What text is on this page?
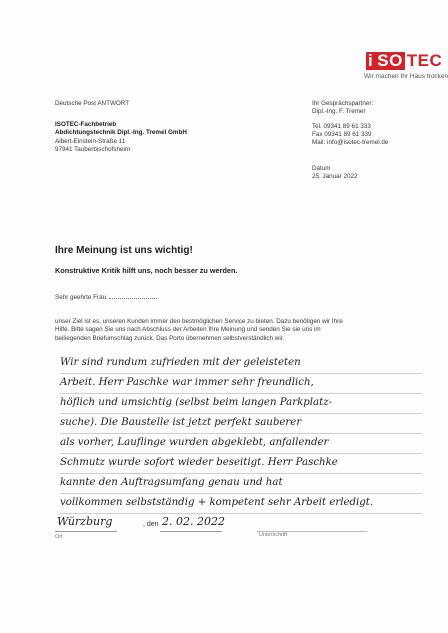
i SO TEC
Wir machen Ihr Haus trocken
Deutsche Post ANTWORT
ISOTEC-Fachbetrieb
Abdichtungstechnik Dipl.-Ing. Tremel GmbH
Albert-Einstein-Straße 11
97941 Tauberbischofsheim
Ihr Gesprächspartner:
Dipl.-Ing. F. Tremel
Tel. 09341 89 61 333
Fax 09341 89 61 339
Mail: info@isotec-tremel.de
Datum
25. Januar 2022
Ihre Meinung ist uns wichtig!
Konstruktive Kritik hilft uns, noch besser zu werden.
Sehr geehrte Frau
unser Ziel ist es, unseren Kunden immer den bestmöglichen Service zu bieten. Dazu benötigen wir Ihre
Hilfe. Bitte sagen Sie uns nach Abschluss der Arbeiten Ihre Meinung und senden Sie sie uns im
beiliegenden Briefumschlag zurück. Das Porto übernehmen selbstverständlich wir.
Wir sind rundum zufrieden mit der geleisteten
Arbeit. Herr Paschke war immer sehr freundlich,
höflich und umsichtig (selbst beim langen Parkplatz-
suche). Die Baustelle ist jetzt perfekt sauberer
als vorher, Lauflinge wurden abgeklebt, anfallender
Schmutz wurde sofort wieder beseitigt. Herr Paschke
kannte den Auftragsumfang genau und hat
vollkommen selbstständig + kompetent sehr Arbeit erledigt.
Würzburg
Ort
, den 2. 02. 2022
Unterschrift
